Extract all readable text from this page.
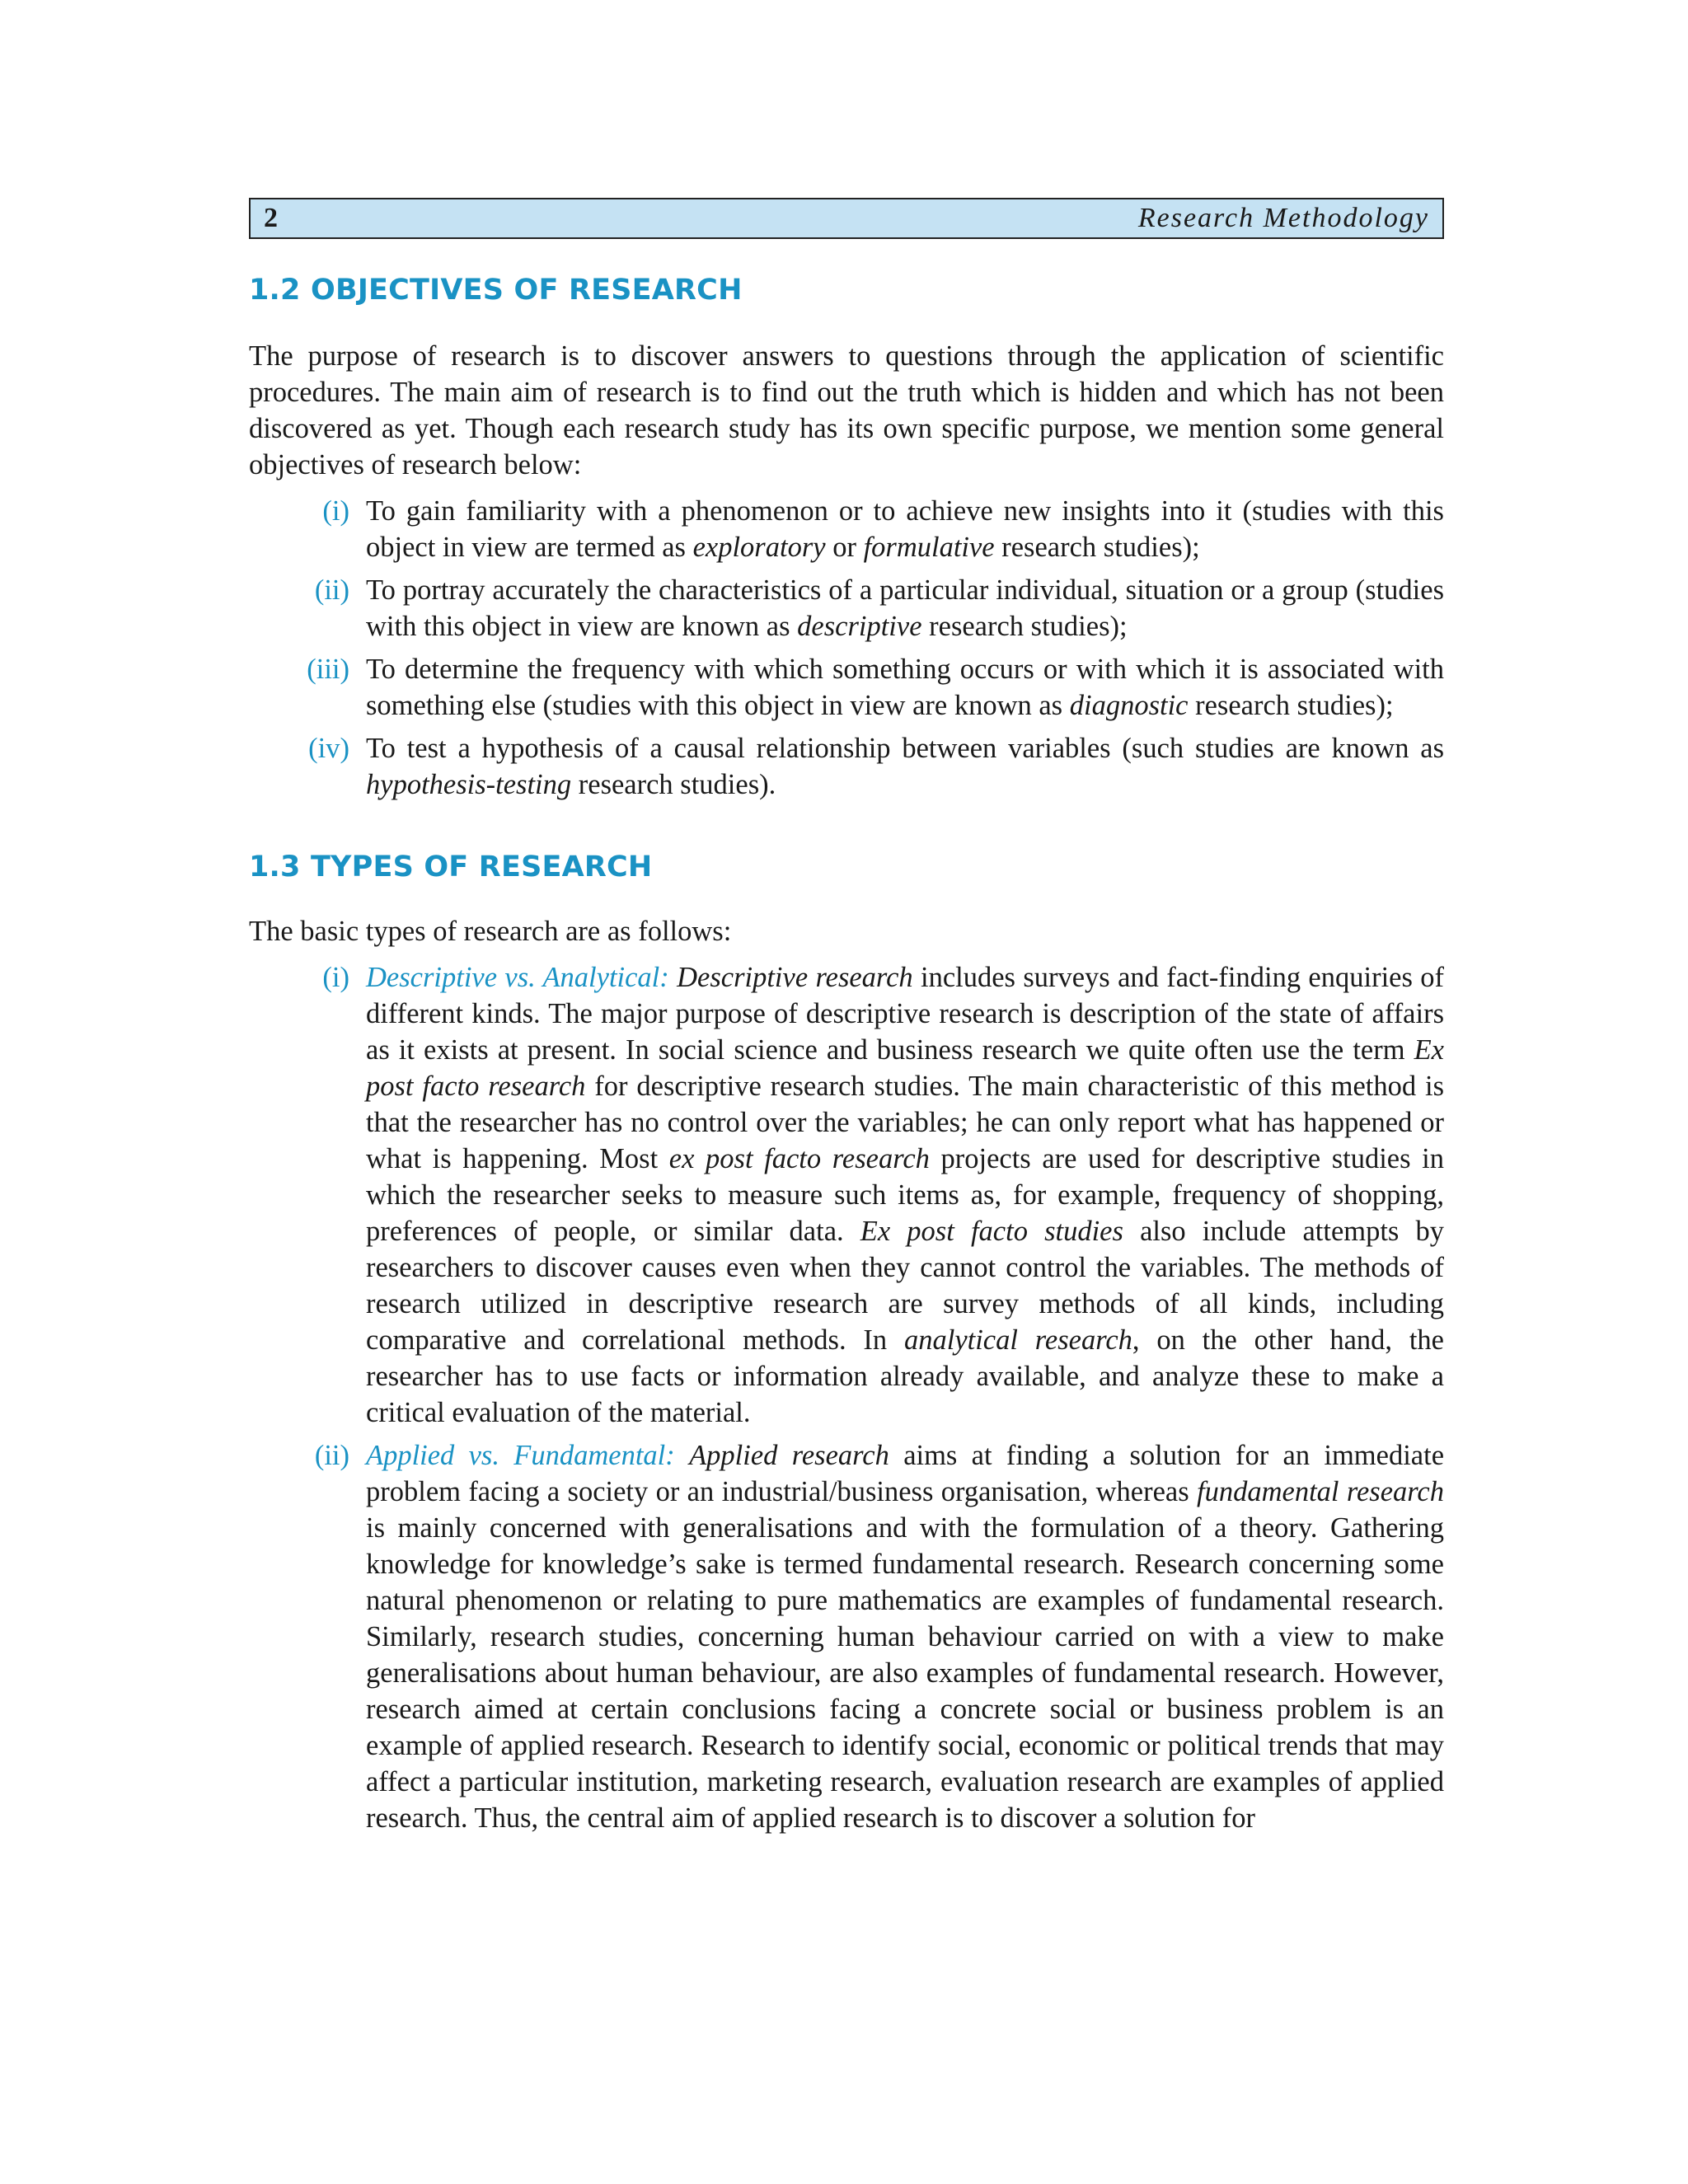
2	Research Methodology
1.2 OBJECTIVES OF RESEARCH

The purpose of research is to discover answers to questions through the application of scientific procedures. The main aim of research is to find out the truth which is hidden and which has not been discovered as yet. Though each research study has its own specific purpose, we mention some general objectives of research below:

(i) To gain familiarity with a phenomenon or to achieve new insights into it (studies with this object in view are termed as exploratory or formulative research studies);
(ii) To portray accurately the characteristics of a particular individual, situation or a group (studies with this object in view are known as descriptive research studies);
(iii) To determine the frequency with which something occurs or with which it is associated with something else (studies with this object in view are known as diagnostic research studies);
(iv) To test a hypothesis of a causal relationship between variables (such studies are known as hypothesis-testing research studies).
1.3 TYPES OF RESEARCH

The basic types of research are as follows:

(i) Descriptive vs. Analytical: Descriptive research includes surveys and fact-finding enquiries of different kinds. The major purpose of descriptive research is description of the state of affairs as it exists at present. In social science and business research we quite often use the term Ex post facto research for descriptive research studies. The main characteristic of this method is that the researcher has no control over the variables; he can only report what has happened or what is happening. Most ex post facto research projects are used for descriptive studies in which the researcher seeks to measure such items as, for example, frequency of shopping, preferences of people, or similar data. Ex post facto studies also include attempts by researchers to discover causes even when they cannot control the variables. The methods of research utilized in descriptive research are survey methods of all kinds, including comparative and correlational methods. In analytical research, on the other hand, the researcher has to use facts or information already available, and analyze these to make a critical evaluation of the material.
(ii) Applied vs. Fundamental: Applied research aims at finding a solution for an immediate problem facing a society or an industrial/business organisation, whereas fundamental research is mainly concerned with generalisations and with the formulation of a theory. Gathering knowledge for knowledge’s sake is termed fundamental research. Research concerning some natural phenomenon or relating to pure mathematics are examples of fundamental research. Similarly, research studies, concerning human behaviour carried on with a view to make generalisations about human behaviour, are also examples of fundamental research. However, research aimed at certain conclusions facing a concrete social or business problem is an example of applied research. Research to identify social, economic or political trends that may affect a particular institution, marketing research, evaluation research are examples of applied research. Thus, the central aim of applied research is to discover a solution for
